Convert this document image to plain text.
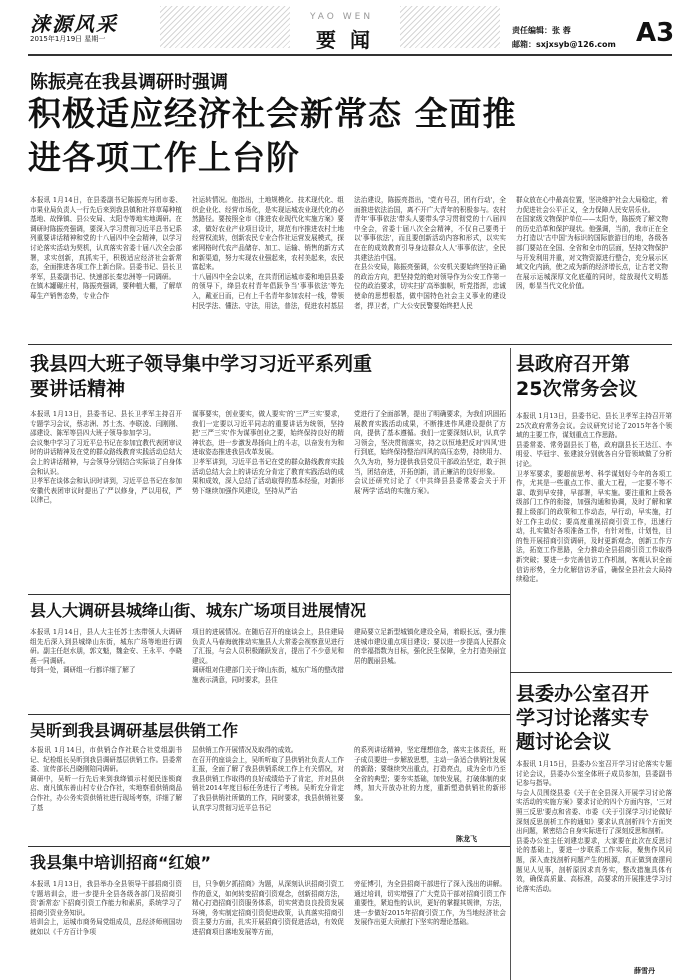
涞源风采
2015年1月19日 星期一
YAO WEN
要闻	责任编辑：张 蓉
邮箱：sxjxsyb@126.com A3
陈振亮在我县调研时强调
积极适应经济社会新常态 全面推
进各项工作上台阶
本报讯 1月14日，在县委副书记陈振亮与团市委、市果业局负责人一行先后来到我县镇和社祥草莓种植基地、故锋镇、县公安局、太阳寺等地实地调研。在调研时陈振亮强调，要深入学习贯彻习近平总书记系列重要讲话精神和党的十八届四中全会精神，以学习讨论落实活动为契机，认真落实省委十届八次全会部署，求实创新，真抓实干，积极适应经济社会新常态，全面推进各项工作上新台阶。县委书记、县长卫孝军，县委副书记、快速部长秦忠洲等一同调研。
在镇木罐碾庄村，陈振亮强调，要种植大棚，了解草莓生产销售态势，专业合作
社运转情况。他指出，土地规模化、技术现代化、组织企业化、经营市场化，是实现运城农业现代化的必然路径。要按照全市《推进农业现代化实施方案》要求，做好农业产业项目设计，规范有序推进农村土地经营权流转，创新农民专业合作社运营发展模式，探索网格时代农产品储存、加工、运输、销售的新方式和新渠道，努力实现农业强起来，农村美起来，农民富起来。
十八届四中全会以来，在共青团运城市委和地县县委的领导下，绛县农村青年倡跃争当'事事依法'等先入，戴亚日而，已有上千名青年参加农村一线，带领村民学法、懂法、守法，用法，普法，促进农村基层
法治建设，陈振亮指出，'党有号召，团有行动'，全面推进依法治国，离不开广大青年的积极参与。农村青年'事事依法'带头人要带头学习贯彻党的十八届四中全会，省委十届八次全会精神，不仅自己要勇于以'事事依法'，而且要创新活动内容和形式，以实实在在的成效教育引导身边群众人人'事事依法'，全民共建法治中国。
在县公安局，陈振亮强调，公安机关要始终坚持正确的政治方向，把坚持党的绝对领导作为公安工作第一位的政治要求，切实扫扩高举旗帜，听党指挥，忠诚使命的思想根基，做中国特色社会主义事业的建设者，捍卫者，广大公安民警要始终把人民
群众放在心中最高位置，坚决维护社会大局稳定，着力促进社会公平正义，全力保障人民安居乐业。
在国家级文物保护单位——太阳寺，陈振亮了解文物的历史沿革和保护现状。他强调，当前，我市正在全力打造以'古中国'为标识的国际旅游目的地，各级各部门要站在全国、全省和全市的层面，坚持文物保护与开发利用并重，对文物资源进行整合，充分展示区域文化内涵，使之成为新的经济增长点，让古老文物在展示运城深厚文化底蕴的同时，绽放现代文明基因，彰显当代文化价值。
我县四大班子领导集中学习习近平系列重
要讲话精神
本报讯 1月13日，县委书记、县长卫孝军主持召开专题学习会议，蔡志洲、苏士杰、李联凌、闫刚刚、邵建设、陈军等县四大班子领导参加学习。
会议集中学习了习近平总书记在参加宜教代表团审议时的讲话精神及在党的群众路线教育实践活动总结大会上的讲话精神，与会领导分别结合实际谈了自身体会和认识。
卫孝军在谈体会和认识时讲到，习近平总书记在参加安徽代表团审议时提出了'严以修身，严以用权，严以律己，
谋事要实，创业要实，做人要实'的'三严三实'要求，我们一定要以习近平同志的重要讲话为统领，坚持把'三严三实'作为谋事创业之要，始终保持良好的精神状态，进一步激发昂扬向上的斗志，以奋发有为和进取姿态推进我县改革发展。
卫孝军讲到，习近平总书记在党的群众路线教育实践活动总结大会上的讲话充分肯定了教育实践活动的成果和成效，深入总结了活动取得的基本经验，对新形势下继续加强作风建设，坚持从严治
党进行了全面部署，提出了明确要求，为我们巩固拓展教育实践活动成果，不断推进作风建设提供了方向，提供了基本遵循。我们一定要深刻认识，认真学习领会，坚决贯彻落实，持之以恒地把反对'四风'进行到底，始终保持整治四风的高压态势，持续用力、久久为功，努力提供我县党员干部政治坚定，敢于担当，团结奋进，开拓创新，清正廉洁的良好形象。
会议还研究讨论了《中共绛县县委常委会关于开展'两学'活动的实施方案》。
县政府召开第
25次常务会议
本报讯 1月13日，县委书记、县长卫孝军主持召开第25次政府常务会议。会议研究讨论了2015年各个领域的主要工作，谋划重点工作思路。
县委常委、常务副县长丁格，政府副县长王达江、李明爱、毕冠宇、张建波分别就各自分管领域做了分析讨论。
卫孝军要求，要超前思考、科学谋划好今年的各项工作，尤其是一些重点工作、重大工程，一定要不等不靠、敢到早安排，早部署，早实施。要注重和上级各级部门工作的衔接，加强沟通和协调，及时了解和掌握上级部门的政策和工作动态，早行动，早实施，打好工作主动仗；要高度重视招商引资工作，迅速行动，扎实做好各项准备工作，有针对性，计划性，目的性开展招商引资调研，及时更新观念，创新工作方法，拓宽工作思路，全力推动全县招商引资工作取得新突破；要进一步完善信访工作机制，客观认识全面信访形势，全力化解信访矛盾，确保全县社会大局持续稳定。
县人大调研县城绛山街、城东广场项目进展情况
本报讯 1月14日，县人大主任苏士杰带领人大调研组先后深入到县城绛山东街，城东广场等地进行调研。副主任赵水朋，郭文魁，魏金安、王永平、李晓燕一同调研。
每到一处，调研组一行都详细了解了
项目的进展情况。在随后召开的座谈会上，县住建局负责人马春海就推动实施县人大常委会视察意见进行了汇报，与会人员积极踊跃发言，提出了不少意见和建议。
调研组对住建部门关于绛山东街，城东广场的整改措施表示满意，同时要求，县住
建局要立足新型城镇化建设全局，着眼长远，强力推进城市建设重点项目建设；要以进一步提高人民群众的幸福指数为目标，强化民生保障，全力打造美丽宜居的靓丽县城。
吴昕到我县调研基层供销工作
本报讯 1月14日，市供销合作社联合社党组副书记、纪检组长吴昕到我县调研基层供销工作。县委常委、宣传部长吕晓刚陪同调研。
调研中，吴昕一行先后来到我绛镇示村便民连锁商店、南凡镇东善山村专业合作社，实地察看供销商品合作社，办公务实资供销社进行现场考察，详细了解了基
层供销工作开展情况及取得的成效。
在召开的座谈会上，吴昕听取了县供销社负责人工作汇报，全面了解了我县供销系统工作上有关情况，对我县供销工作取得的良好成绩给予了肯定，并对县供销社2014年度目标任务进行了考核。吴昕充分肯定了我县供销社所做的工作，同时要求，我县供销社要认真学习贯彻习近平总书记
的系列讲话精神，坚定理想信念，落实主体责任，班子成员要进一步解放思想，主动一条适合供销社发展的新路；要继续突出重点，打造亮点，成为全市乃至全省的典型；要夯实基础，加快发展，打破体制的束缚，加大开放办社的力度，重新塑造供销社的新形象。
陈龙飞
县委办公室召开
学习讨论落实专
题讨论会议
本报讯 1月15日，县委办公室召开学习讨论落实专题讨论会议，县委办公室全体班子成员参加，县委副书记参与指导。
与会人员围绕县委《关于在全县深入开展学习讨论落实活动的实施方案》要求讨论的四个方面内容，'三对照三反思'要点和省委、市委《关于引深学习讨论做好深刻反思剖析工作的通知》要求认真剖析四个方面突出问题，紧密结合自身实际进行了深刻反思和剖析。
县委办公室主任刘建忠要求，大家要在此次在反思讨论的基础上，要进一步联系工作实际，聚焦作风问题，深入查找剖析问题产生的根源，真正做到查摆问题见人见事，剖析原因求真务实，整改措施具体有效，确保高质量、高标准，高要求的开展推进学习讨论落实活动。
薛雪丹
我县集中培训招商“红娘”
本报讯 1月13日，我县举办全县领导干部招商引资专题培训会，进一步提升全县各级各部门及招商引资'新常态'下招商引资工作能力和素质，系统学习了招商引资业务知识。
培训会上，运城市商务局党组成员，总经济师刑国功就如以《千方百计争项
目，只争朝夕抓招商》为题，从深刻认识招商引资工作的意义，如何转变招商引资观念，创新招商方法，精心打造招商引资服务体系，切实营造良良投资发展环境，务实制定招商引资促进政策，认真落实招商引资主要力方面，扎实开展招商引资促进活动，有效促进招商项目落地发展等方面，
旁征博引，为全县招商干部进行了深入浅出的讲解。通过培训，切实增强了广大党员干部对招商引资工作重要性，紧迫性的认识，更好的掌握其规律，方法，进一步做好2015年招商引资工作，为当地经济社会发展作出更大贡献打下坚实的理论基础。
